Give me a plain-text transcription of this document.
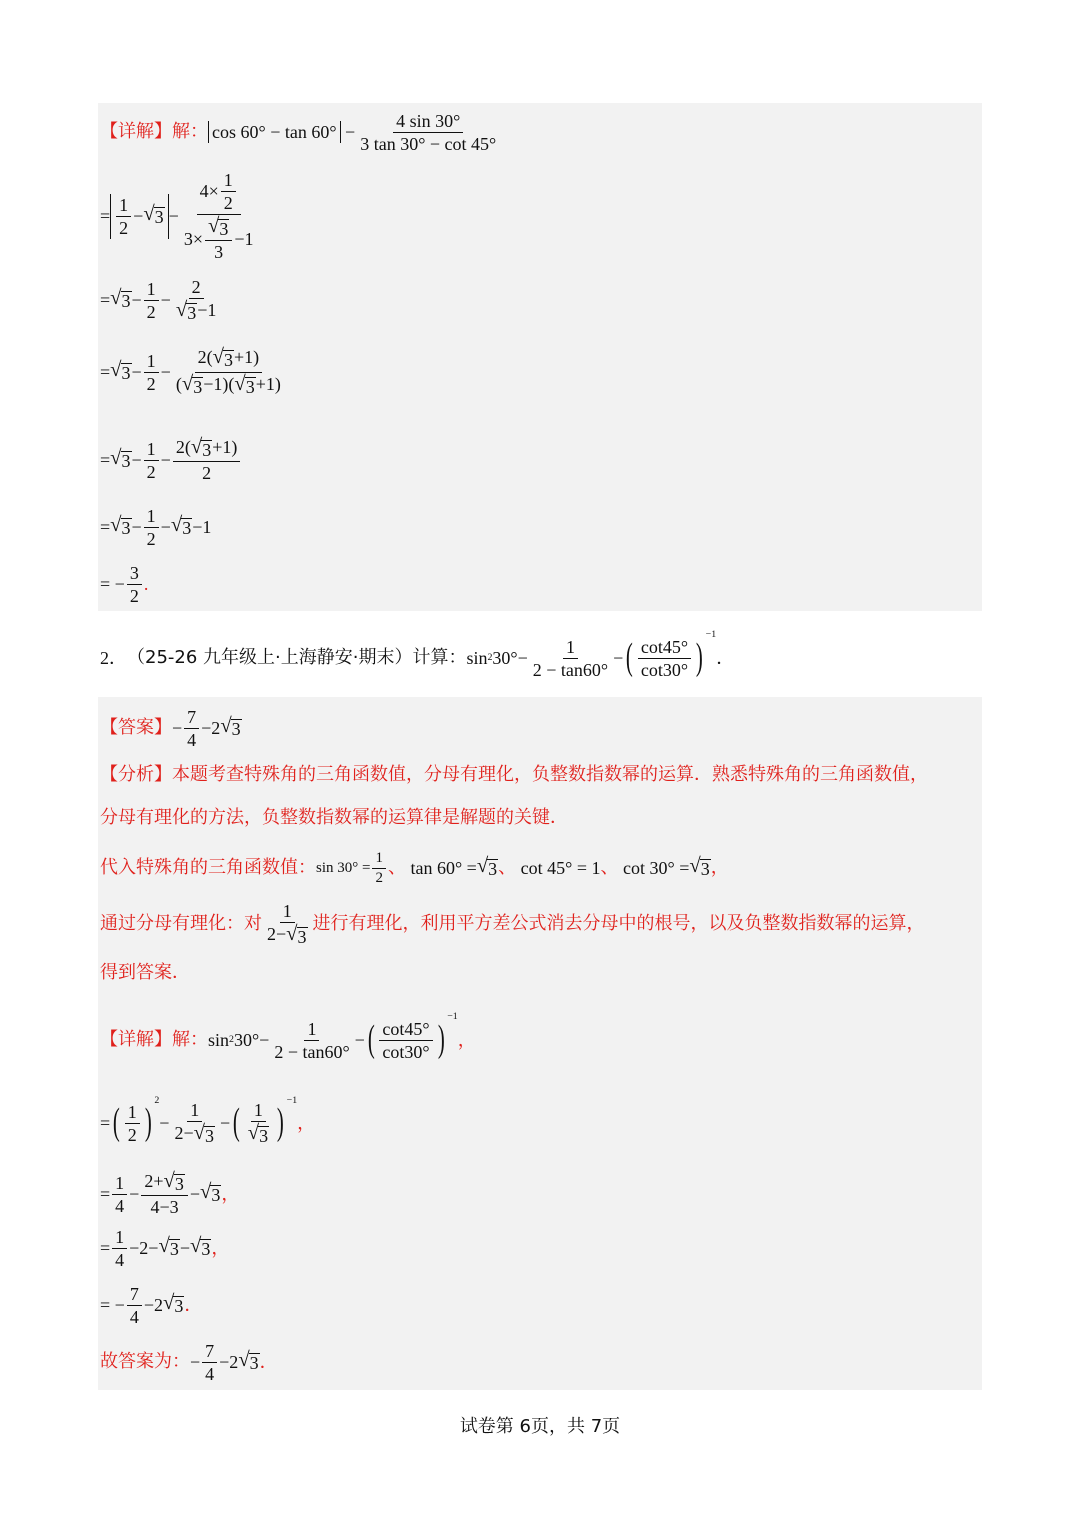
【详解】 解： $\cos 60^\circ - \tan 60^\circ - \frac{4 \sin 30^\circ}{3 \tan 30^\circ - \cot 45^\circ}$
= $\frac{1}{2}$ − √ $3 - \frac{4\times \frac{1}{2}}{3\times \frac{√ 3}{3} -1}$
= √ $3 - \frac{1}{2} - \frac{2}{√ 3 -1}$
= √ $3 - \frac{1}{2} - \frac{2( √ 3 +1)}{( √ 3 -1)( √ 3 +1)}$
= √ $3 - \frac{1}{2} - \frac{2( √ 3 +1)}{2}$
= √ $3 - \frac{1}{2}$ − √ 3 −1
= − $\frac{3}{2}$ .
2． （25-26 九年级上·上海静安·期末）计算： sin 2 $30^\circ - \frac{1}{2 - \tan 60^\circ}$ − ( $\frac{\cot 45^\circ}{\cot 30^\circ}$ )
$^{-1}$
．
【答案】 − $\frac{7}{4} -2$ √ 3
【分析】 本题考查特殊角的三角函数值，分母有理化，负整数指数幂的运算．熟悉特殊角的三角函数值，
分母有理化的方法，负整数指数幂的运算律是解题的关键．
代入特殊角的三角函数值： $\sin 30^\circ = \frac{1}{2}$ 、 tan 60° = √ 3 、 cot 45° = 1 、 cot 30° = √ 3 ，
通过分母有理化：对 $\frac{1}{2- √ 3}$ 进行有理化，利用平方差公式消去分母中的根号，以及负整数指数幂的运算，
得到答案．
【详解】 解： sin 2 $30^\circ - \frac{1}{2 - \tan 60^\circ}$ − ( $\frac{\cot 45^\circ}{\cot 30^\circ}$ )
$^{-1}$
，
= ( $\frac{1}{2}$ )
$^2$
− $\frac{1}{2- √ 3}$ − ( $\frac{1}{√ 3}$ )
$^{-1}$
，
= $\frac{1}{4} - \frac{2+ √ 3}{4-3}$ − √ 3 ，
= $\frac{1}{4} -2-$ √ 3 − √ 3 ，
= − $\frac{7}{4} -2$ √ 3 ．
故答案为： − $\frac{7}{4} -2$ √ 3 ．
试卷第 6页，共 7页
